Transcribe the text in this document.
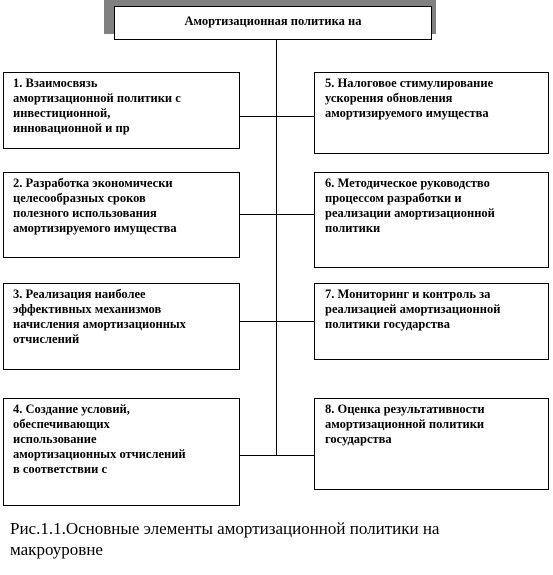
Амортизационная политика на
1. Взаимосвязь
амортизационной политики с
инвестиционной,
инновационной и пр
2. Разработка экономически
целесообразных сроков
полезного использования
амортизируемого имущества
3. Реализация наиболее
эффективных механизмов
начисления амортизационных
отчислений
4. Создание условий,
обеспечивающих
использование
амортизационных отчислений
в соответствии с
5. Налоговое стимулирование
ускорения обновления
амортизируемого имущества
6. Методическое руководство
процессом разработки и
реализации амортизационной
политики
7. Мониторинг и контроль за
реализацией амортизационной
политики государства
8. Оценка результативности
амортизационной политики
государства
Рис.1.1.Основные элементы амортизационной политики на
макроуровне
